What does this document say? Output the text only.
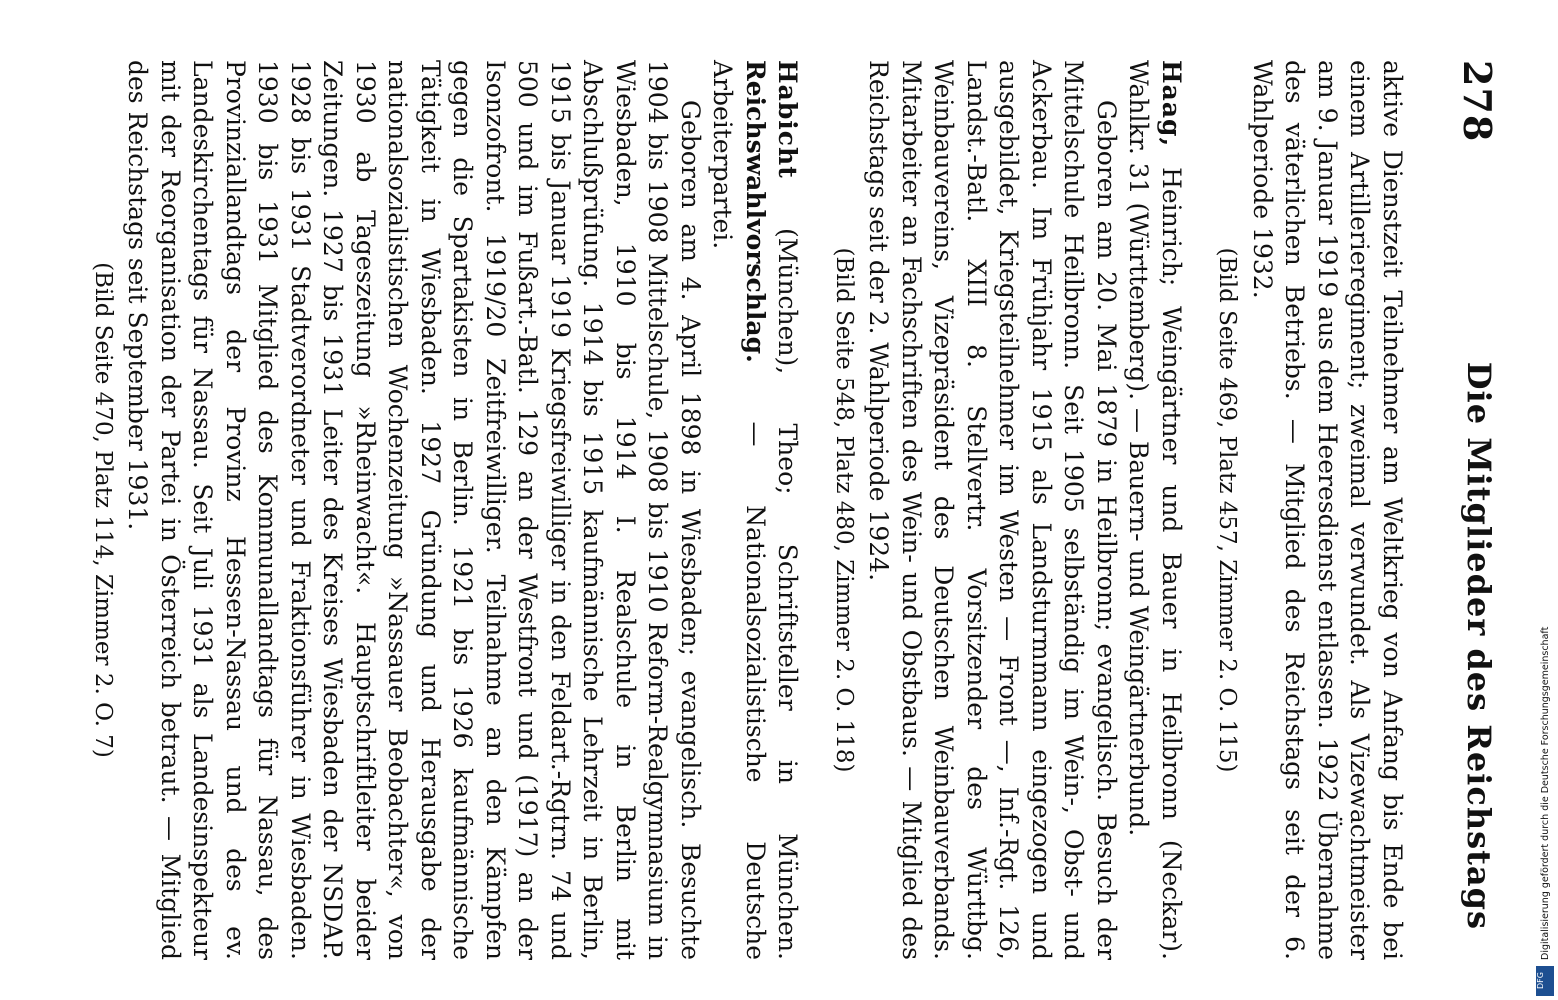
278
Die Mitglieder des Reichstags

aktive Dienstzeit Teilnehmer am Weltkrieg von Anfang bis Ende bei einem Artillerieregiment; zweimal verwundet. Als Vizewachtmeister am 9. Januar 1919 aus dem Heeresdienst entlassen. 1922 Übernahme des väterlichen Betriebs. — Mitglied des Reichstags seit der 6. Wahlperiode 1932.

(Bild Seite 469, Platz 457, Zimmer 2. O. 115)

Haag, Heinrich; Weingärtner und Bauer in Heilbronn (Neckar). Wahlkr. 31 (Württemberg). — Bauern- und Weingärtnerbund.

Geboren am 20. Mai 1879 in Heilbronn; evangelisch. Besuch der Mittelschule Heilbronn. Seit 1905 selbständig im Wein-, Obst- und Ackerbau. Im Frühjahr 1915 als Landsturmmann eingezogen und ausgebildet, Kriegsteilnehmer im Westen — Front —, Inf.-Rgt. 126, Landst.-Batl. XIII 8. Stellvertr. Vorsitzender des Württbg. Weinbauvereins, Vizepräsident des Deutschen Weinbauverbands. Mitarbeiter an Fachschriften des Wein- und Obstbaus. — Mitglied des Reichstags seit der 2. Wahlperiode 1924.

(Bild Seite 548, Platz 480, Zimmer 2. O. 118)

Habicht (München), Theo; Schriftsteller in München. Reichswahlvorschlag. — Nationalsozialistische Deutsche Arbeiterpartei.

Geboren am 4. April 1898 in Wiesbaden; evangelisch. Besuchte 1904 bis 1908 Mittelschule, 1908 bis 1910 Reform-Realgymnasium in Wiesbaden, 1910 bis 1914 I. Realschule in Berlin mit Abschlußprüfung. 1914 bis 1915 kaufmännische Lehrzeit in Berlin, 1915 bis Januar 1919 Kriegsfreiwilliger in den Feldart.-Rgtrn. 74 und 500 und im Fußart.-Batl. 129 an der Westfront und (1917) an der Isonzofront. 1919/20 Zeitfreiwilliger. Teilnahme an den Kämpfen gegen die Spartakisten in Berlin. 1921 bis 1926 kaufmännische Tätigkeit in Wiesbaden. 1927 Gründung und Herausgabe der nationalsozialistischen Wochenzeitung »Nassauer Beobachter«, von 1930 ab Tageszeitung »Rheinwacht«. Hauptschriftleiter beider Zeitungen. 1927 bis 1931 Leiter des Kreises Wiesbaden der NSDAP. 1928 bis 1931 Stadtverordneter und Fraktionsführer in Wiesbaden. 1930 bis 1931 Mitglied des Kommunallandtags für Nassau, des Provinziallandtags der Provinz Hessen-Nassau und des ev. Landeskirchentags für Nassau. Seit Juli 1931 als Landesinspekteur mit der Reorganisation der Partei in Österreich betraut. — Mitglied des Reichstags seit September 1931.

(Bild Seite 470, Platz 114, Zimmer 2. O. 7)

Digitalisierung gefördert durch die Deutsche Forschungsgemeinschaft
DFG
